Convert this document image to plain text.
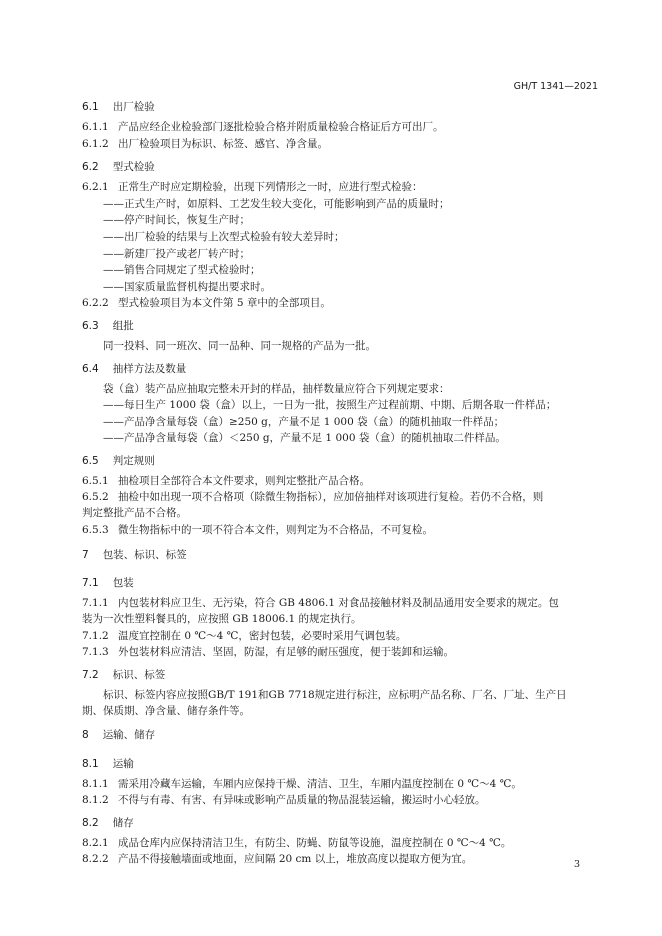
GH/T 1341—2021
6.1 出厂检验
6.1.1 产品应经企业检验部门逐批检验合格并附质量检验合格证后方可出厂。
6.1.2 出厂检验项目为标识、标签、感官、净含量。
6.2 型式检验
6.2.1 正常生产时应定期检验，出现下列情形之一时，应进行型式检验：
——正式生产时，如原料、工艺发生较大变化，可能影响到产品的质量时；
——停产时间长，恢复生产时；
——出厂检验的结果与上次型式检验有较大差异时；
——新建厂投产或老厂转产时；
——销售合同规定了型式检验时；
——国家质量监督机构提出要求时。
6.2.2 型式检验项目为本文件第 5 章中的全部项目。
6.3 组批
同一投料、同一班次、同一品种、同一规格的产品为一批。
6.4 抽样方法及数量
袋（盒）装产品应抽取完整未开封的样品，抽样数量应符合下列规定要求：
——每日生产 1000 袋（盒）以上，一日为一批，按照生产过程前期、中期、后期各取一件样品；
——产品净含量每袋（盒）≥250 g，产量不足 1 000 袋（盒）的随机抽取一件样品；
——产品净含量每袋（盒）＜250 g，产量不足 1 000 袋（盒）的随机抽取二件样品。
6.5 判定规则
6.5.1 抽检项目全部符合本文件要求，则判定整批产品合格。
6.5.2 抽检中如出现一项不合格项（除微生物指标），应加倍抽样对该项进行复检。若仍不合格，则
判定整批产品不合格。
6.5.3 微生物指标中的一项不符合本文件，则判定为不合格品，不可复检。
7 包装、标识、标签
7.1 包装
7.1.1 内包装材料应卫生、无污染，符合 GB 4806.1 对食品接触材料及制品通用安全要求的规定。包
装为一次性塑料餐具的，应按照 GB 18006.1 的规定执行。
7.1.2 温度宜控制在 0 ℃～4 ℃，密封包装，必要时采用气调包装。
7.1.3 外包装材料应清洁、坚固，防湿，有足够的耐压强度，便于装卸和运输。
7.2 标识、标签
标识、标签内容应按照GB/T 191和GB 7718规定进行标注，应标明产品名称、厂名、厂址、生产日
期、保质期、净含量、储存条件等。
8 运输、储存
8.1 运输
8.1.1 需采用冷藏车运输，车厢内应保持干燥、清洁、卫生，车厢内温度控制在 0 ℃～4 ℃。
8.1.2 不得与有毒、有害、有异味或影响产品质量的物品混装运输，搬运时小心轻放。
8.2 储存
8.2.1 成品仓库内应保持清洁卫生，有防尘、防蝇、防鼠等设施，温度控制在 0 ℃～4 ℃。
8.2.2 产品不得接触墙面或地面，应间隔 20 cm 以上，堆放高度以提取方便为宜。	3
